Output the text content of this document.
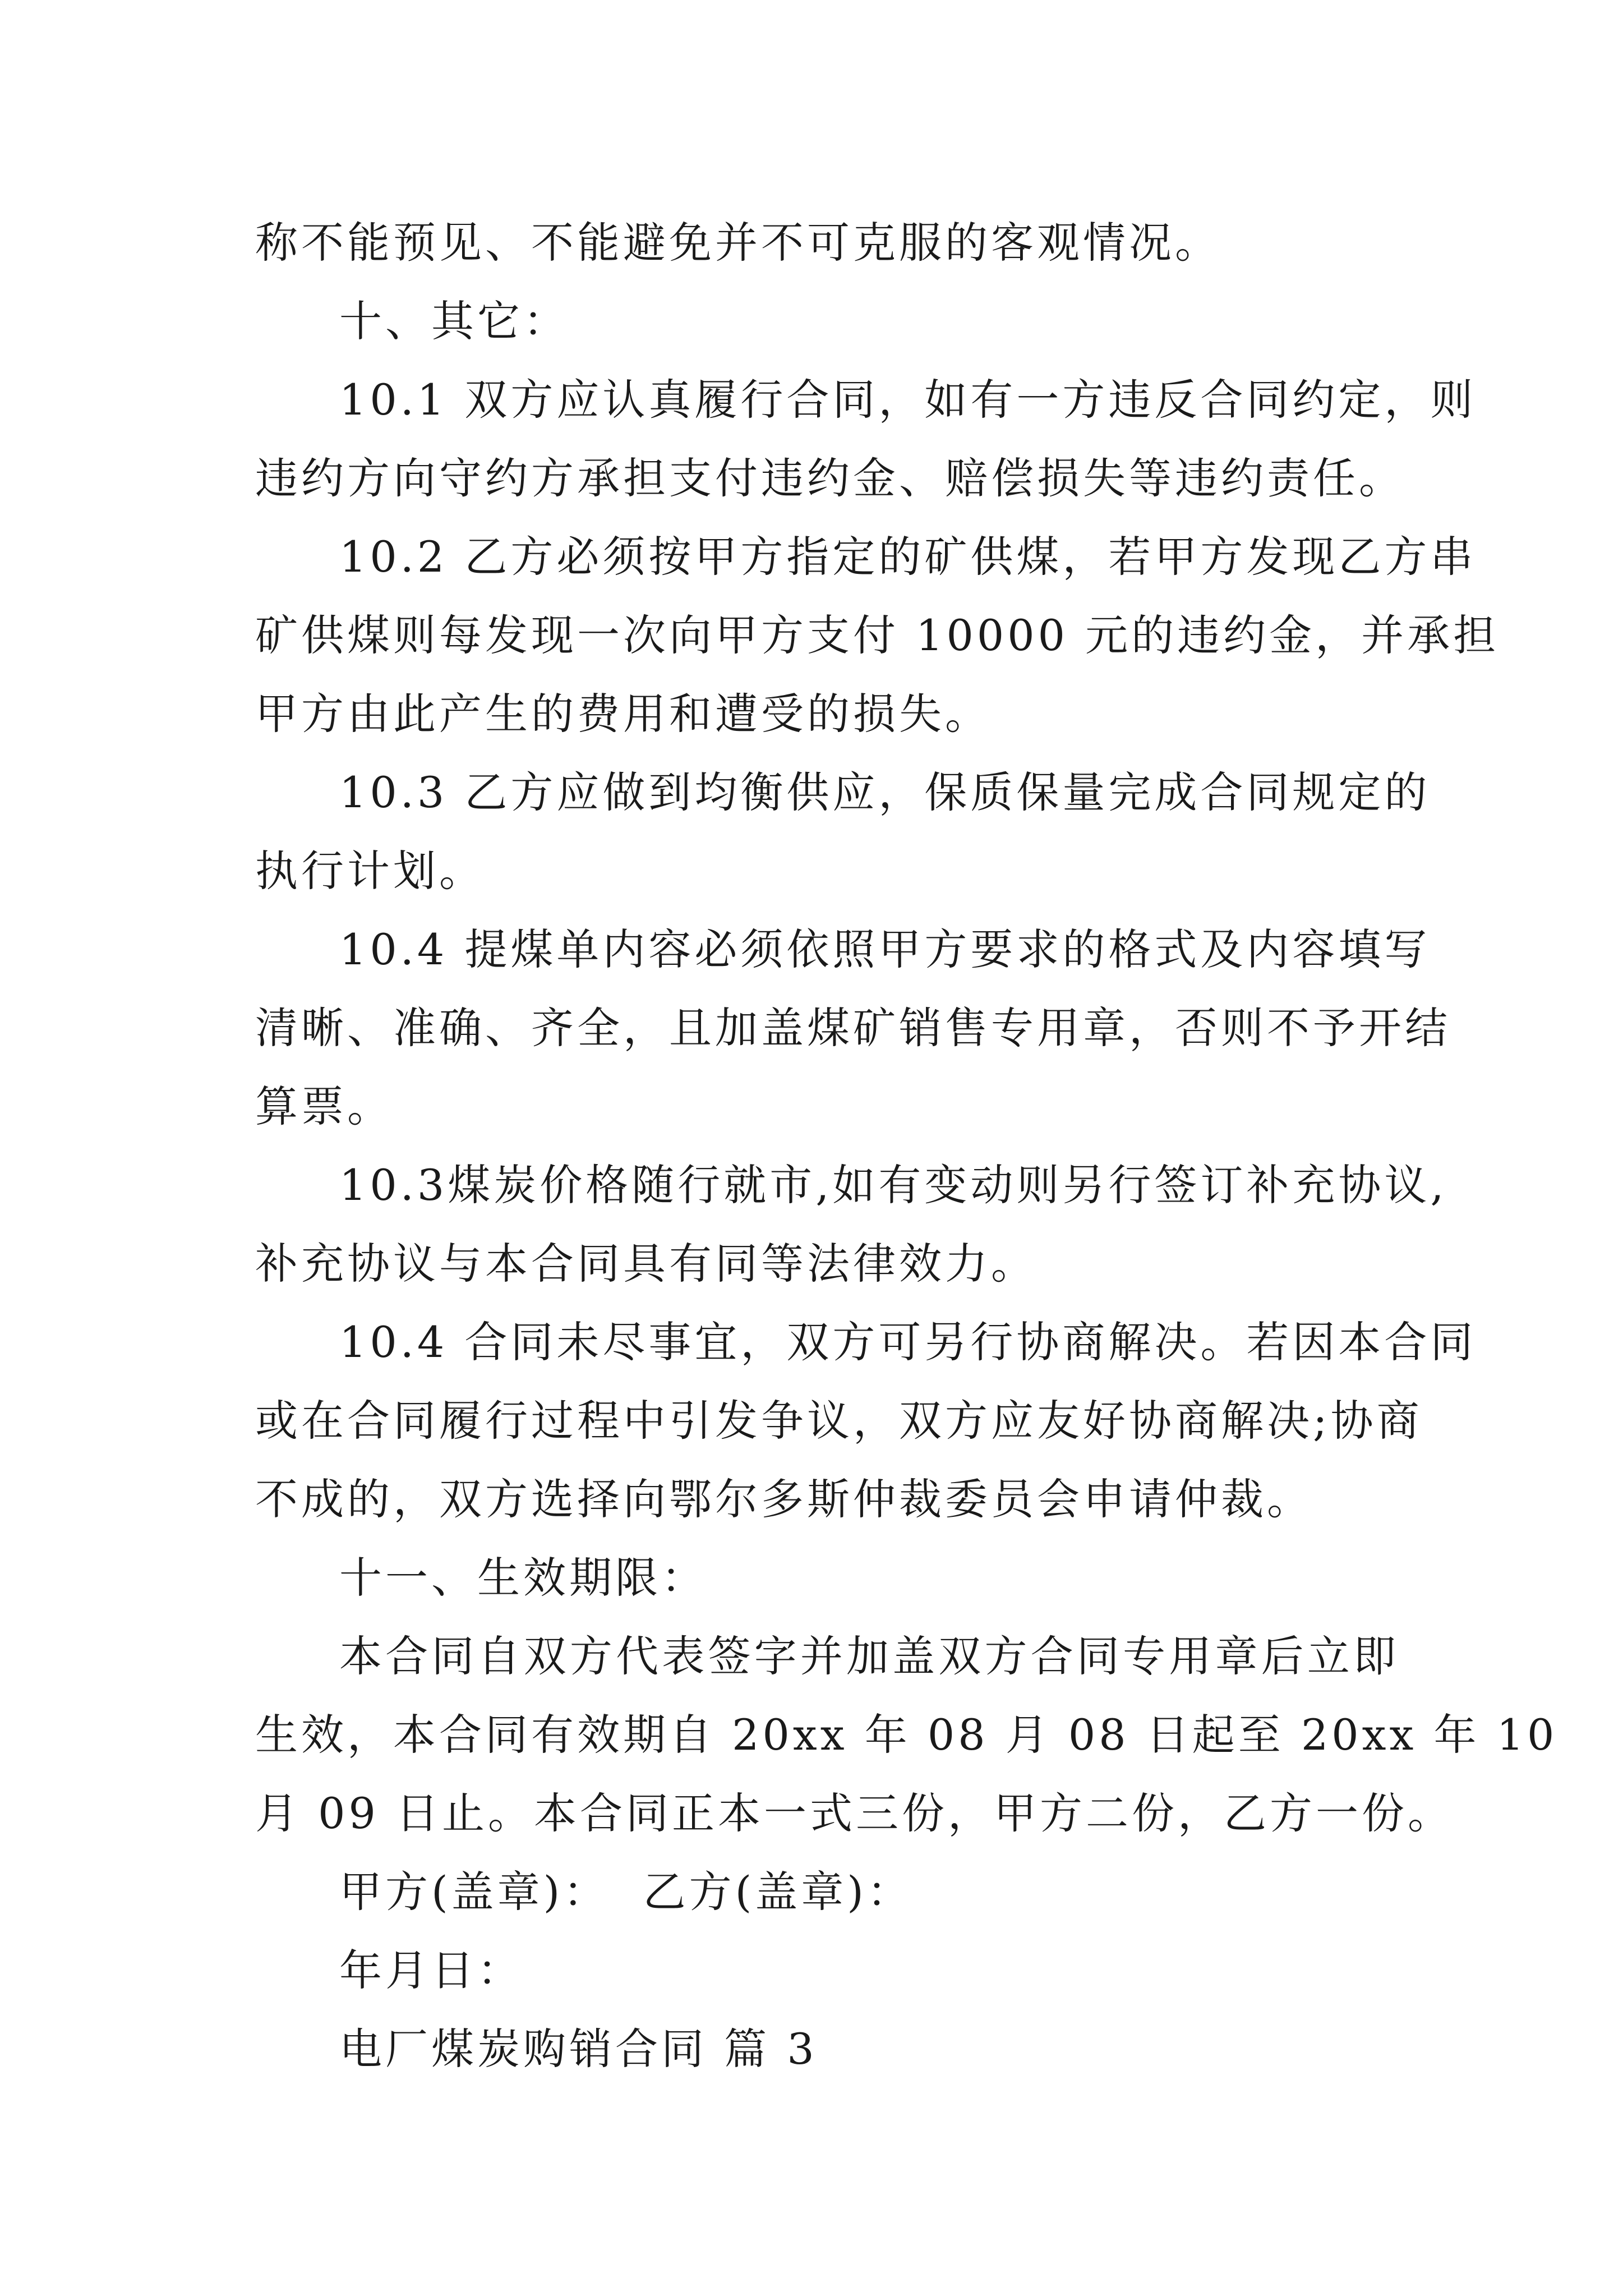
称不能预见、不能避免并不可克服的客观情况。
十、其它：
10.1 双方应认真履行合同，如有一方违反合同约定，则
违约方向守约方承担支付违约金、赔偿损失等违约责任。
10.2 乙方必须按甲方指定的矿供煤，若甲方发现乙方串
矿供煤则每发现一次向甲方支付 10000 元的违约金，并承担
甲方由此产生的费用和遭受的损失。
10.3 乙方应做到均衡供应，保质保量完成合同规定的
执行计划。
10.4 提煤单内容必须依照甲方要求的格式及内容填写
清晰、准确、齐全，且加盖煤矿销售专用章，否则不予开结
算票。
10.3煤炭价格随行就市,如有变动则另行签订补充协议,
补充协议与本合同具有同等法律效力。
10.4 合同未尽事宜，双方可另行协商解决。若因本合同
或在合同履行过程中引发争议，双方应友好协商解决;协商
不成的，双方选择向鄂尔多斯仲裁委员会申请仲裁。
十一、生效期限：
本合同自双方代表签字并加盖双方合同专用章后立即
生效，本合同有效期自 20xx 年 08 月 08 日起至 20xx 年 10
月 09 日止。本合同正本一式三份，甲方二份，乙方一份。
甲方(盖章)：  乙方(盖章)：
年月日：
电厂煤炭购销合同 篇 3
